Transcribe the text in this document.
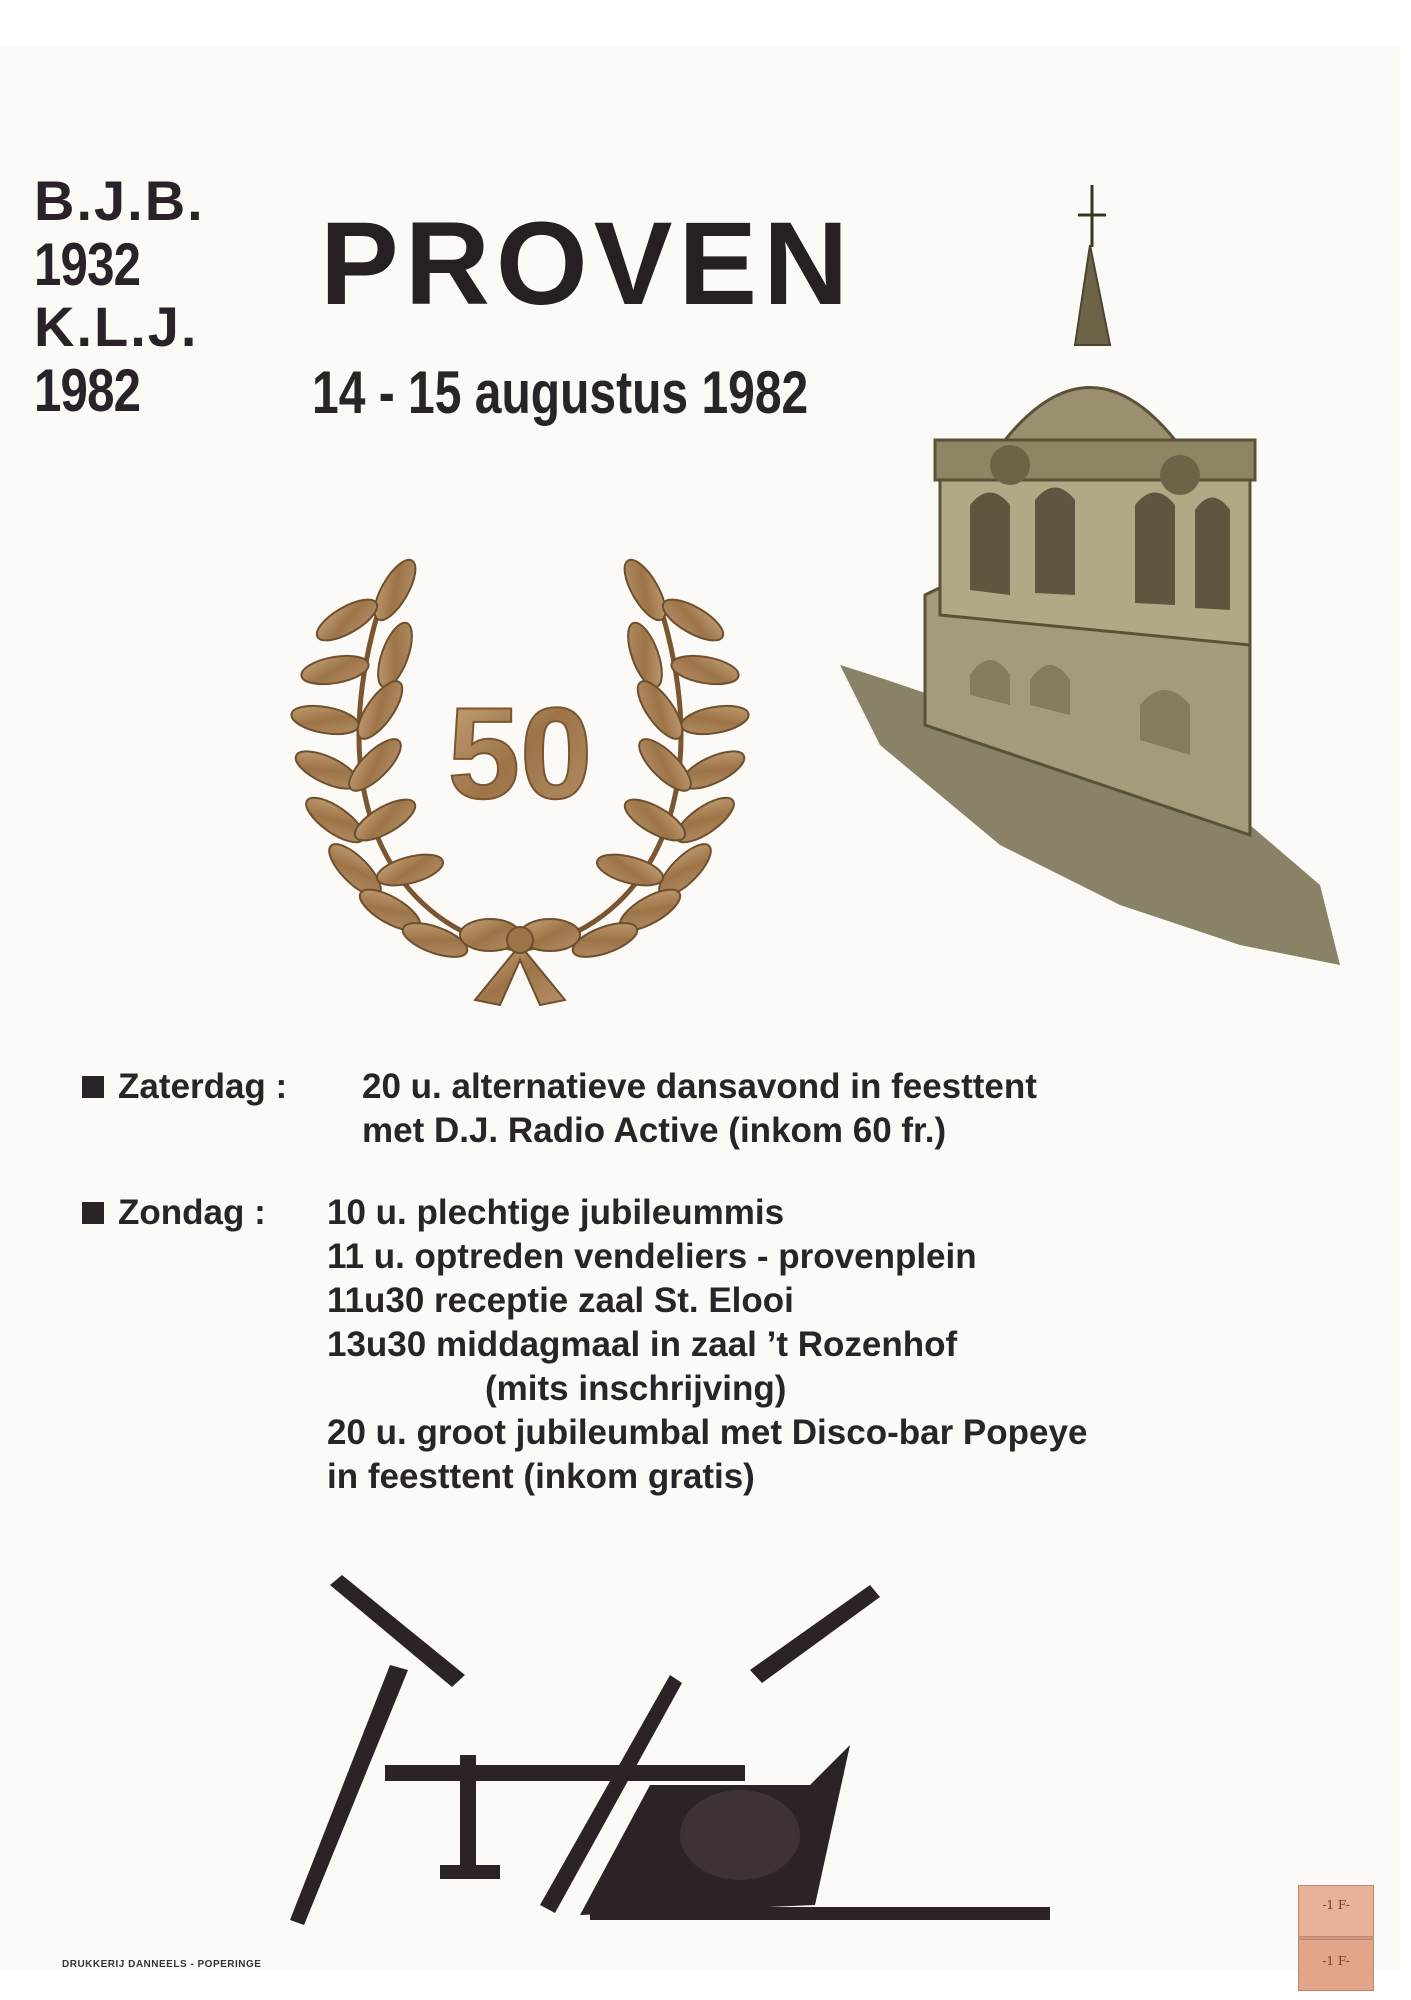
B.J.B.
1932
K.L.J.
1982
PROVEN
14 - 15 augustus 1982
50
Zaterdag : 20 u. alternatieve dansavond in feesttent
met D.J. Radio Active (inkom 60 fr.)
Zondag : 10 u. plechtige jubileummis
11 u. optreden vendeliers - provenplein
11u30 receptie zaal St. Elooi
13u30 middagmaal in zaal ’t Rozenhof
(mits inschrijving)
20 u. groot jubileumbal met Disco-bar Popeye
in feesttent (inkom gratis)
DRUKKERIJ DANNEELS - POPERINGE
-1 F-
-1 F-
